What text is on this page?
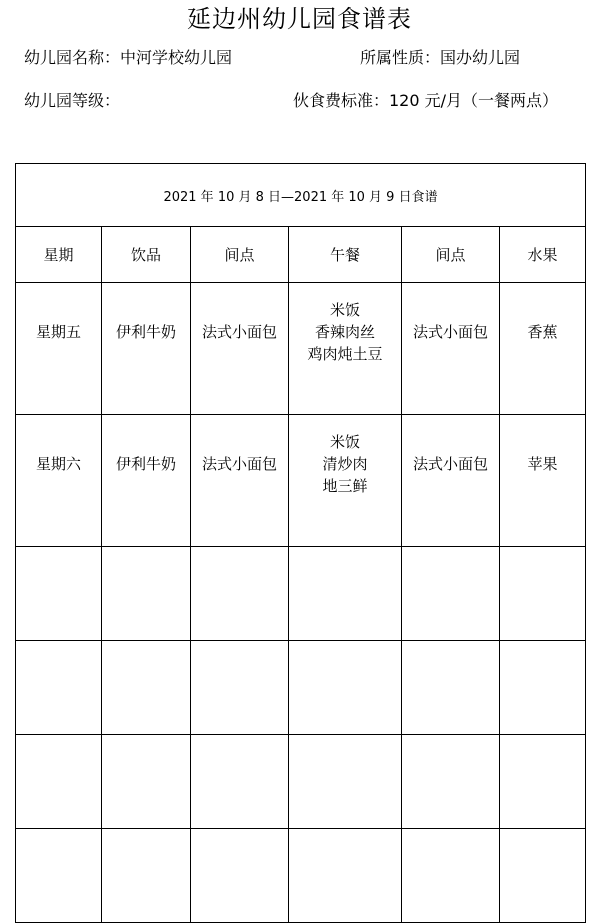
延边州幼儿园食谱表
幼儿园名称：中河学校幼儿园	所属性质：国办幼儿园
幼儿园等级：	伙食费标准：120 元/月（一餐两点）
2021 年 10 月 8 日—2021 年 10 月 9 日食谱					
星期	饮品	间点	午餐	间点	水果
星期五	伊利牛奶	法式小面包	米饭
香辣肉丝
鸡肉炖土豆	法式小面包	香蕉
星期六	伊利牛奶	法式小面包	米饭
清炒肉
地三鲜	法式小面包	苹果
